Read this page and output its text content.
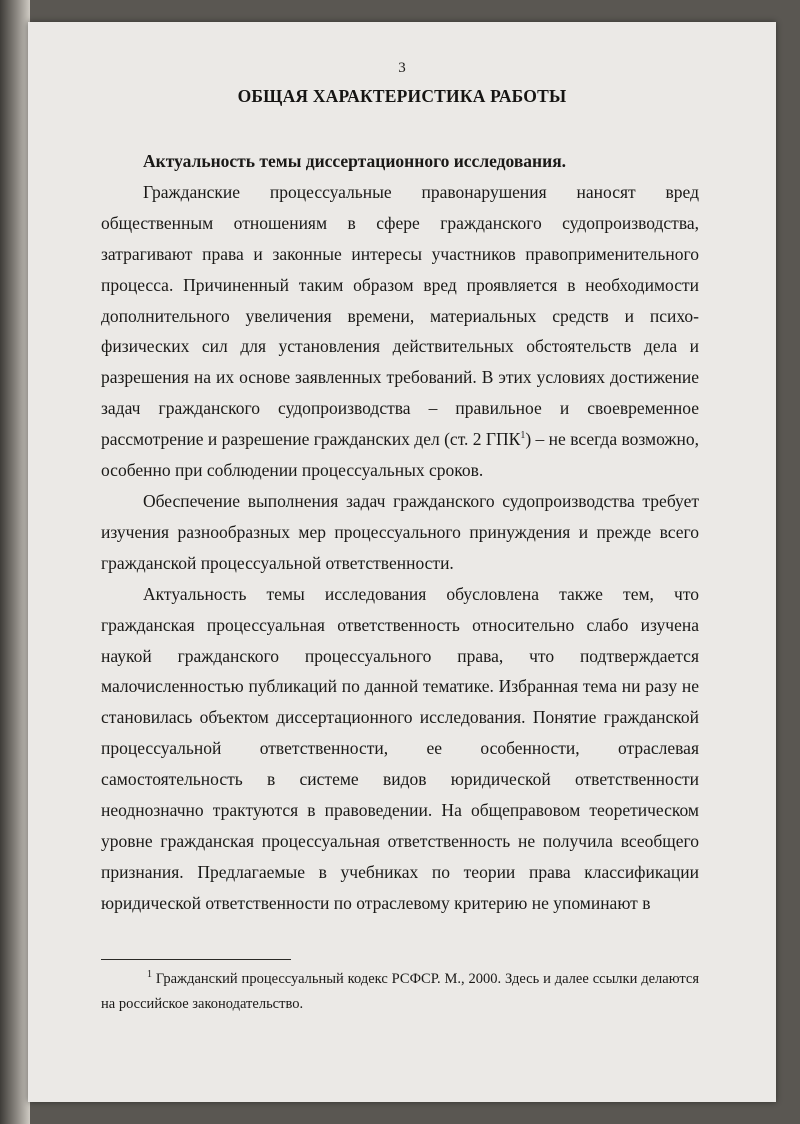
3
ОБЩАЯ ХАРАКТЕРИСТИКА РАБОТЫ

Актуальность темы диссертационного исследования.

Гражданские процессуальные правонарушения наносят вред общественным отношениям в сфере гражданского судопроизводства, затрагивают права и законные интересы участников правоприменительного процесса. Причиненный таким образом вред проявляется в необходимости дополнительного увеличения времени, материальных средств и психо-физических сил для установления действительных обстоятельств дела и разрешения на их основе заявленных требований. В этих условиях достижение задач гражданского судопроизводства – правильное и своевременное рассмотрение и разрешение гражданских дел (ст. 2 ГПК$^1$) – не всегда возможно, особенно при соблюдении процессуальных сроков.

Обеспечение выполнения задач гражданского судопроизводства требует изучения разнообразных мер процессуального принуждения и прежде всего гражданской процессуальной ответственности.

Актуальность темы исследования обусловлена также тем, что гражданская процессуальная ответственность относительно слабо изучена наукой гражданского процессуального права, что подтверждается малочисленностью публикаций по данной тематике. Избранная тема ни разу не становилась объектом диссертационного исследования. Понятие гражданской процессуальной ответственности, ее особенности, отраслевая самостоятельность в системе видов юридической ответственности неоднозначно трактуются в правоведении. На общеправовом теоретическом уровне гражданская процессуальная ответственность не получила всеобщего признания. Предлагаемые в учебниках по теории права классификации юридической ответственности по отраслевому критерию не упоминают в

$^1$ Гражданский процессуальный кодекс РСФСР. М., 2000. Здесь и далее ссылки делаются на российское законодательство.
